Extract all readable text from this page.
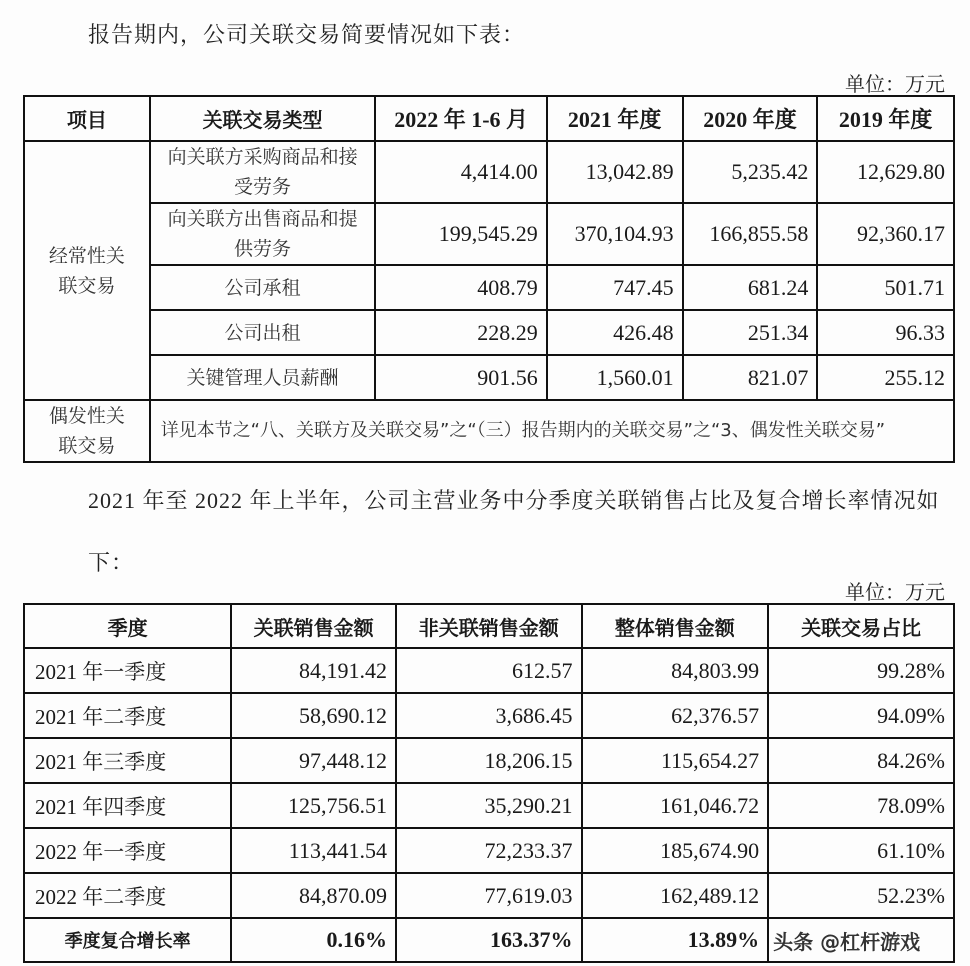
报告期内，公司关联交易简要情况如下表：
单位：万元
项目	关联交易类型	2022 年 1-6 月	2021 年度	2020 年度	2019 年度

经常性关联交易	向关联方采购商品和接受劳务	4,414.00	13,042.89	5,235.42	12,629.80

	向关联方出售商品和提供劳务	199,545.29	370,104.93	166,855.58	92,360.17
	公司承租	408.79	747.45	681.24	501.71
	公司出租	228.29	426.48	251.34	96.33
	关键管理人员薪酬	901.56	1,560.01	821.07	255.12

偶发性关联交易	详见本节之“八、关联方及关联交易”之“（三）报告期内的关联交易”之“3、偶发性关联交易”				
2021 年至 2022 年上半年，公司主营业务中分季度关联销售占比及复合增长率情况如下：
单位：万元
季度	关联销售金额	非关联销售金额	整体销售金额	关联交易占比
2021 年一季度	84,191.42	612.57	84,803.99	99.28%
2021 年二季度	58,690.12	3,686.45	62,376.57	94.09%
2021 年三季度	97,448.12	18,206.15	115,654.27	84.26%
2021 年四季度	125,756.51	35,290.21	161,046.72	78.09%
2022 年一季度	113,441.54	72,233.37	185,674.90	61.10%
2022 年二季度	84,870.09	77,619.03	162,489.12	52.23%
季度复合增长率	0.16%	163.37%	13.89%	头条 @杠杆游戏
